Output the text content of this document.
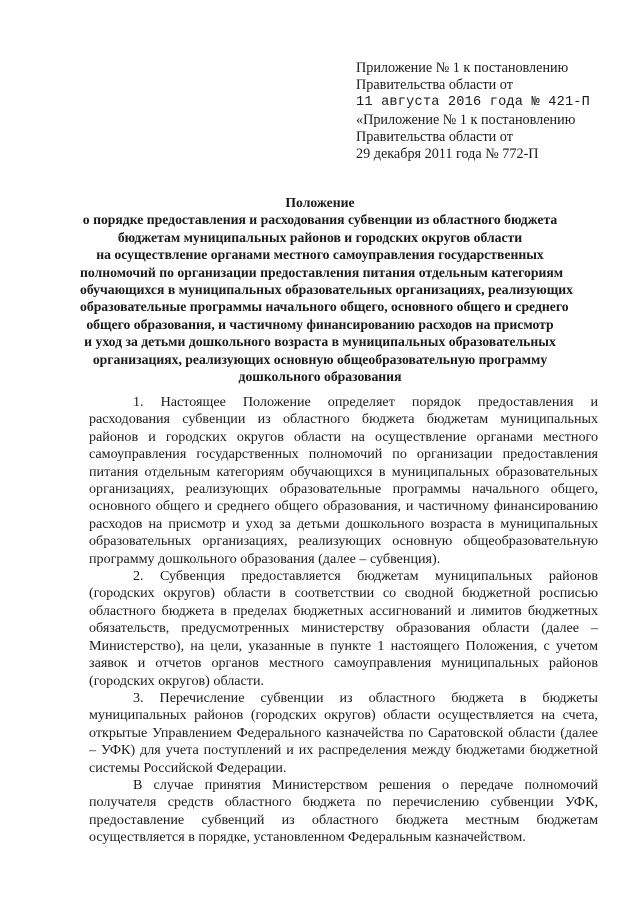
Приложение № 1 к постановлению
Правительства области от
11 августа 2016 года № 421-П
«Приложение № 1 к постановлению
Правительства области от
29 декабря 2011 года № 772-П
Положение
о порядке предоставления и расходования субвенции из областного бюджета
бюджетам муниципальных районов и городских округов области
на осуществление органами местного самоуправления государственных
полномочий по организации предоставления питания отдельным категориям
обучающихся в муниципальных образовательных организациях, реализующих
образовательные программы начального общего, основного общего и среднего
общего образования, и частичному финансированию расходов на присмотр
и уход за детьми дошкольного возраста в муниципальных образовательных
организациях, реализующих основную общеобразовательную программу
дошкольного образования

1. Настоящее Положение определяет порядок предоставления и расходования субвенции из областного бюджета бюджетам муниципальных районов и городских округов области на осуществление органами местного самоуправления государственных полномочий по организации предоставления питания отдельным категориям обучающихся в муниципальных образовательных организациях, реализующих образовательные программы начального общего, основного общего и среднего общего образования, и частичному финансированию расходов на присмотр и уход за детьми дошкольного возраста в муниципальных образовательных организациях, реализующих основную общеобразовательную программу дошкольного образования (далее – субвенция).

2. Субвенция предоставляется бюджетам муниципальных районов (городских округов) области в соответствии со сводной бюджетной росписью областного бюджета в пределах бюджетных ассигнований и лимитов бюджетных обязательств, предусмотренных министерству образования области (далее – Министерство), на цели, указанные в пункте 1 настоящего Положения, с учетом заявок и отчетов органов местного самоуправления муниципальных районов (городских округов) области.

3. Перечисление субвенции из областного бюджета в бюджеты муниципальных районов (городских округов) области осуществляется на счета, открытые Управлением Федерального казначейства по Саратовской области (далее – УФК) для учета поступлений и их распределения между бюджетами бюджетной системы Российской Федерации.

В случае принятия Министерством решения о передаче полномочий получателя средств областного бюджета по перечислению субвенции УФК, предоставление субвенций из областного бюджета местным бюджетам осуществляется в порядке, установленном Федеральным казначейством.
